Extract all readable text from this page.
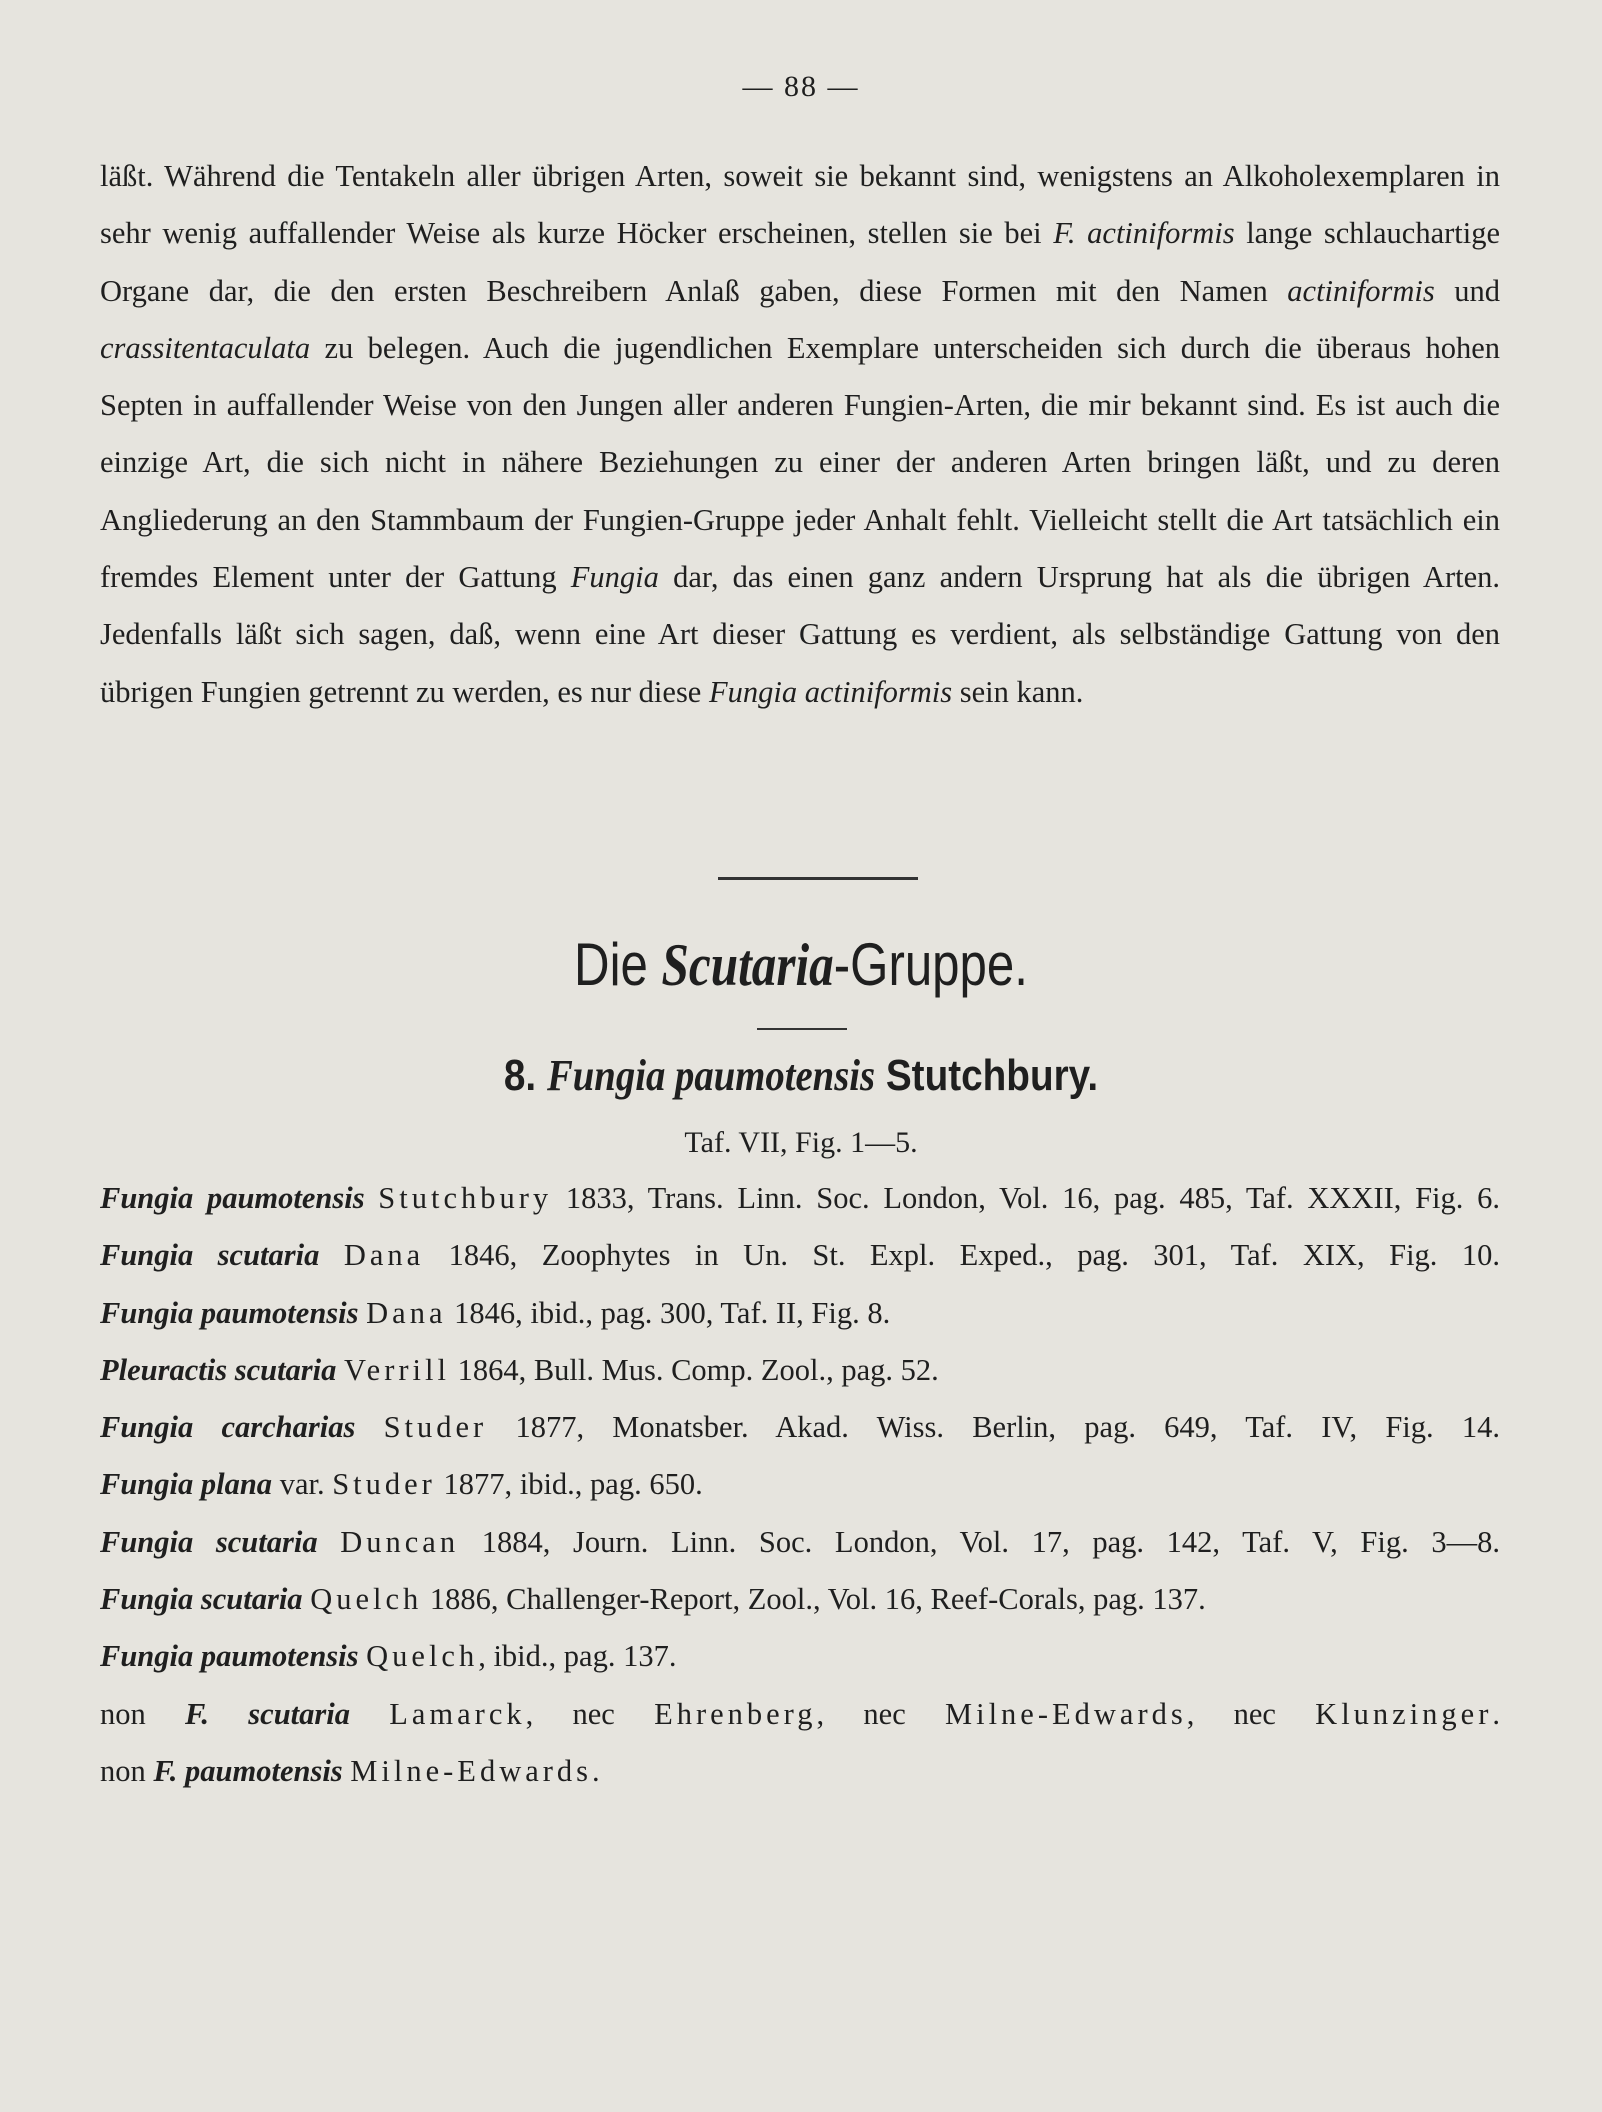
— 88 —

läßt. Während die Tentakeln aller übrigen Arten, soweit sie bekannt sind, wenigstens an Alkoholexemplaren in sehr wenig auffallender Weise als kurze Höcker erscheinen, stellen sie bei F. actiniformis lange schlauchartige Organe dar, die den ersten Beschreibern Anlaß gaben, diese Formen mit den Namen actiniformis und crassitentaculata zu belegen. Auch die jugendlichen Exemplare unterscheiden sich durch die überaus hohen Septen in auffallender Weise von den Jungen aller anderen Fungien-Arten, die mir bekannt sind. Es ist auch die einzige Art, die sich nicht in nähere Beziehungen zu einer der anderen Arten bringen läßt, und zu deren Angliederung an den Stammbaum der Fungien-Gruppe jeder Anhalt fehlt. Vielleicht stellt die Art tatsächlich ein fremdes Element unter der Gattung Fungia dar, das einen ganz andern Ursprung hat als die übrigen Arten. Jedenfalls läßt sich sagen, daß, wenn eine Art dieser Gattung es verdient, als selbständige Gattung von den übrigen Fungien getrennt zu werden, es nur diese Fungia actiniformis sein kann.

Die Scutaria-Gruppe.
8. Fungia paumotensis Stutchbury.
Taf. VII, Fig. 1—5.

Fungia paumotensis Stutchbury 1833, Trans. Linn. Soc. London, Vol. 16, pag. 485, Taf. XXXII, Fig. 6.

Fungia scutaria Dana 1846, Zoophytes in Un. St. Expl. Exped., pag. 301, Taf. XIX, Fig. 10.

Fungia paumotensis Dana 1846, ibid., pag. 300, Taf. II, Fig. 8.

Pleuractis scutaria Verrill 1864, Bull. Mus. Comp. Zool., pag. 52.

Fungia carcharias Studer 1877, Monatsber. Akad. Wiss. Berlin, pag. 649, Taf. IV, Fig. 14.

Fungia plana var. Studer 1877, ibid., pag. 650.

Fungia scutaria Duncan 1884, Journ. Linn. Soc. London, Vol. 17, pag. 142, Taf. V, Fig. 3—8.

Fungia scutaria Quelch 1886, Challenger-Report, Zool., Vol. 16, Reef-Corals, pag. 137.

Fungia paumotensis Quelch, ibid., pag. 137.

non F. scutaria Lamarck, nec Ehrenberg, nec Milne-Edwards, nec Klunzinger.

non F. paumotensis Milne-Edwards.
